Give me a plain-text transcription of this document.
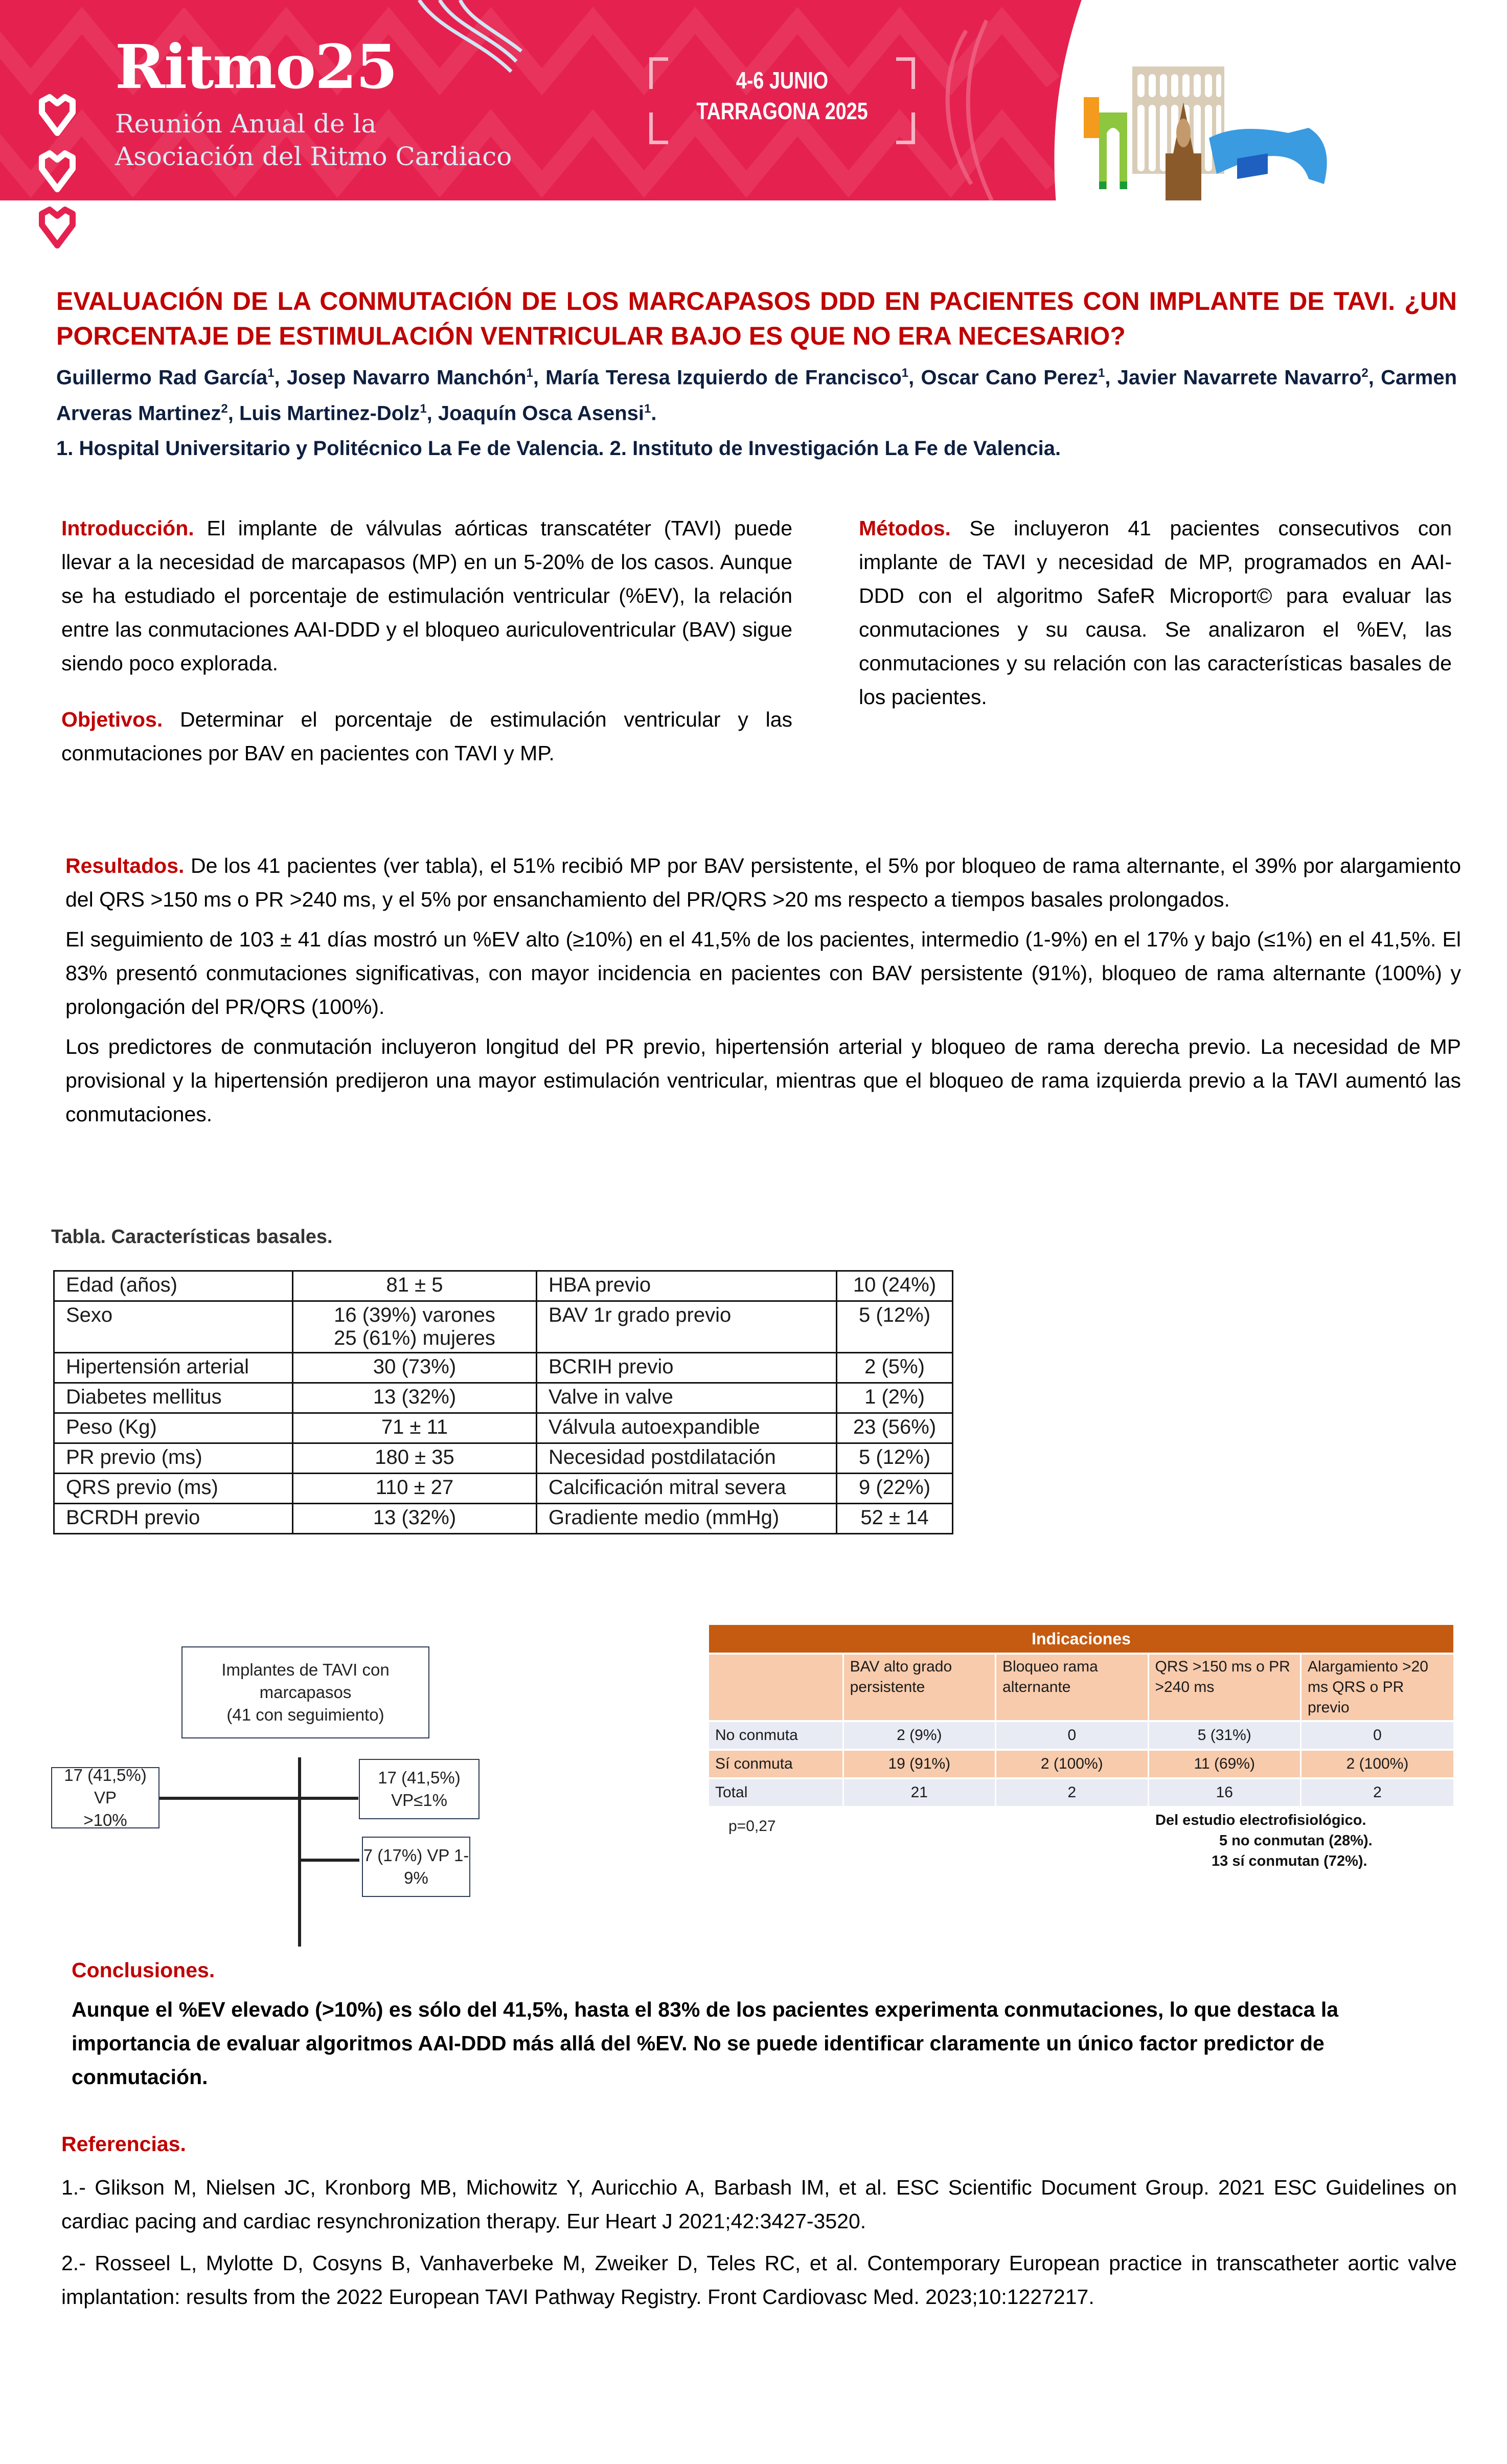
Ritmo25

Reunión Anual de la
Asociación del Ritmo Cardiaco

4-6 JUNIO
TARRAGONA 2025
EVALUACIÓN DE LA CONMUTACIÓN DE LOS MARCAPASOS DDD EN PACIENTES CON IMPLANTE DE TAVI. ¿UN PORCENTAJE DE ESTIMULACIÓN VENTRICULAR BAJO ES QUE NO ERA NECESARIO?

Guillermo Rad García$^1$, Josep Navarro Manchón$^1$, María Teresa Izquierdo de Francisco$^1$, Oscar Cano Perez$^1$, Javier Navarrete Navarro$^2$, Carmen Arveras Martinez$^2$, Luis Martinez-Dolz$^1$, Joaquín Osca Asensi$^1$.

1. Hospital Universitario y Politécnico La Fe de Valencia. 2. Instituto de Investigación La Fe de Valencia.

Introducción. El implante de válvulas aórticas transcatéter (TAVI) puede llevar a la necesidad de marcapasos (MP) en un 5-20% de los casos. Aunque se ha estudiado el porcentaje de estimulación ventricular (%EV), la relación entre las conmutaciones AAI-DDD y el bloqueo auriculoventricular (BAV) sigue siendo poco explorada.

Objetivos. Determinar el porcentaje de estimulación ventricular y las conmutaciones por BAV en pacientes con TAVI y MP.

Métodos. Se incluyeron 41 pacientes consecutivos con implante de TAVI y necesidad de MP, programados en AAI-DDD con el algoritmo SafeR Microport© para evaluar las conmutaciones y su causa. Se analizaron el %EV, las conmutaciones y su relación con las características basales de los pacientes.

Resultados. De los 41 pacientes (ver tabla), el 51% recibió MP por BAV persistente, el 5% por bloqueo de rama alternante, el 39% por alargamiento del QRS >150 ms o PR >240 ms, y el 5% por ensanchamiento del PR/QRS >20 ms respecto a tiempos basales prolongados.

El seguimiento de 103 ± 41 días mostró un %EV alto (≥10%) en el 41,5% de los pacientes, intermedio (1-9%) en el 17% y bajo (≤1%) en el 41,5%. El 83% presentó conmutaciones significativas, con mayor incidencia en pacientes con BAV persistente (91%), bloqueo de rama alternante (100%) y prolongación del PR/QRS (100%).

Los predictores de conmutación incluyeron longitud del PR previo, hipertensión arterial y bloqueo de rama derecha previo. La necesidad de MP provisional y la hipertensión predijeron una mayor estimulación ventricular, mientras que el bloqueo de rama izquierda previo a la TAVI aumentó las conmutaciones.

Tabla. Características basales.

Edad (años)	81 ± 5	HBA previo	10 (24%)
Sexo	16 (39%) varones
25 (61%) mujeres	BAV 1r grado previo	5 (12%)
Hipertensión arterial	30 (73%)	BCRIH previo	2 (5%)
Diabetes mellitus	13 (32%)	Valve in valve	1 (2%)
Peso (Kg)	71 ± 11	Válvula autoexpandible	23 (56%)
PR previo (ms)	180 ± 35	Necesidad postdilatación	5 (12%)
QRS previo (ms)	110 ± 27	Calcificación mitral severa	9 (22%)
BCRDH previo	13 (32%)	Gradiente medio (mmHg)	52 ± 14
Implantes de TAVI con marcapasos
(41 con seguimiento)
17 (41,5%) VP
>10%
17 (41,5%) VP≤1%
7 (17%) VP 1-9%
Indicaciones				
	BAV alto grado persistente	Bloqueo rama alternante	QRS >150 ms o PR >240 ms	Alargamiento >20 ms QRS o PR previo
No conmuta	2 (9%)	0	5 (31%)	0
Sí conmuta	19 (91%)	2 (100%)	11 (69%)	2 (100%)
Total	21	2	16	2
p=0,27	Del estudio electrofisiológico.
5 no conmutan (28%).
13 sí conmutan (72%).

Conclusiones.

Aunque el %EV elevado (>10%) es sólo del 41,5%, hasta el 83% de los pacientes experimenta conmutaciones, lo que destaca la importancia de evaluar algoritmos AAI-DDD más allá del %EV. No se puede identificar claramente un único factor predictor de conmutación.

Referencias.

1.- Glikson M, Nielsen JC, Kronborg MB, Michowitz Y, Auricchio A, Barbash IM, et al. ESC Scientific Document Group. 2021 ESC Guidelines on cardiac pacing and cardiac resynchronization therapy. Eur Heart J 2021;42:3427-3520.

2.- Rosseel L, Mylotte D, Cosyns B, Vanhaverbeke M, Zweiker D, Teles RC, et al. Contemporary European practice in transcatheter aortic valve implantation: results from the 2022 European TAVI Pathway Registry. Front Cardiovasc Med. 2023;10:1227217.
